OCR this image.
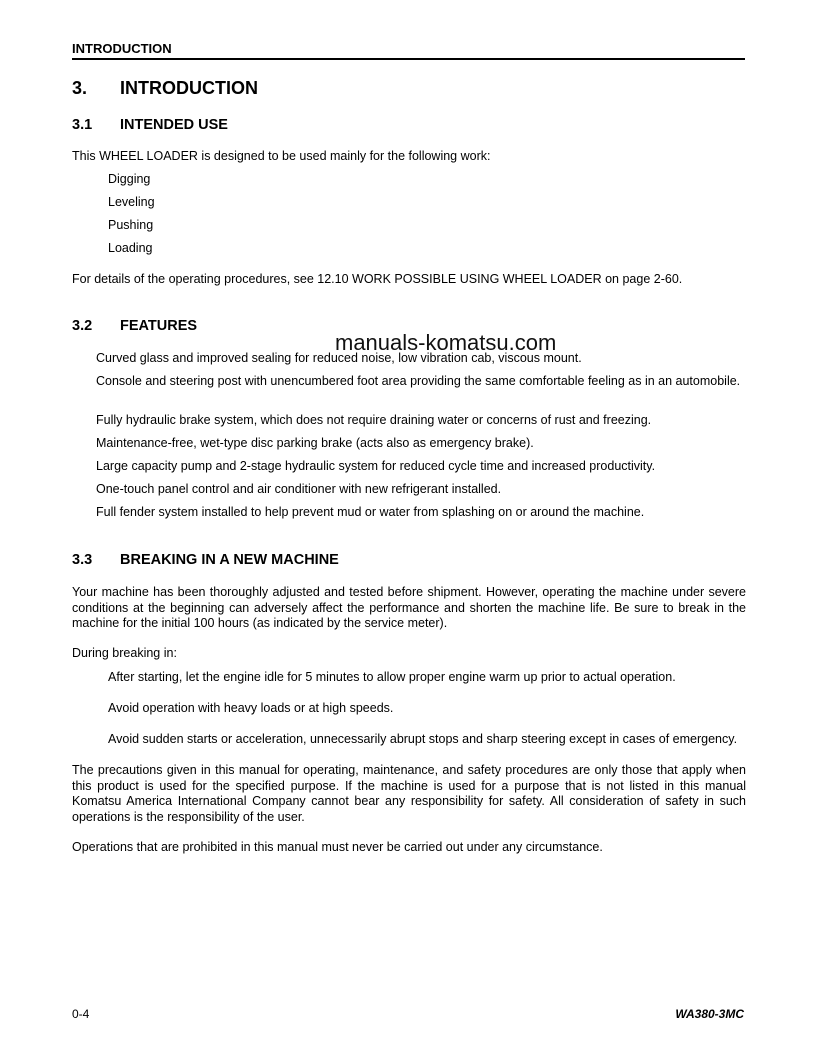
INTRODUCTION
3. INTRODUCTION
3.1 INTENDED USE
This WHEEL LOADER is designed to be used mainly for the following work:
Digging
Leveling
Pushing
Loading
For details of the operating procedures, see 12.10 WORK POSSIBLE USING WHEEL LOADER on page 2-60.
3.2 FEATURES
manuals-komatsu.com
Curved glass and improved sealing for reduced noise, low vibration cab, viscous mount.
Console and steering post with unencumbered foot area providing the same comfortable feeling as in an automobile.
Fully hydraulic brake system, which does not require draining water or concerns of rust and freezing.
Maintenance-free, wet-type disc parking brake (acts also as emergency brake).
Large capacity pump and 2-stage hydraulic system for reduced cycle time and increased productivity.
One-touch panel control and air conditioner with new refrigerant installed.
Full fender system installed to help prevent mud or water from splashing on or around the machine.
3.3 BREAKING IN A NEW MACHINE
Your machine has been thoroughly adjusted and tested before shipment. However, operating the machine under severe conditions at the beginning can adversely affect the performance and shorten the machine life. Be sure to break in the machine for the initial 100 hours (as indicated by the service meter).
During breaking in:
After starting, let the engine idle for 5 minutes to allow proper engine warm up prior to actual operation.
Avoid operation with heavy loads or at high speeds.
Avoid sudden starts or acceleration, unnecessarily abrupt stops and sharp steering except in cases of emergency.
The precautions given in this manual for operating, maintenance, and safety procedures are only those that apply when this product is used for the specified purpose. If the machine is used for a purpose that is not listed in this manual Komatsu America International Company cannot bear any responsibility for safety. All consideration of safety in such operations is the responsibility of the user.
Operations that are prohibited in this manual must never be carried out under any circumstance.
0-4	WA380-3MC
